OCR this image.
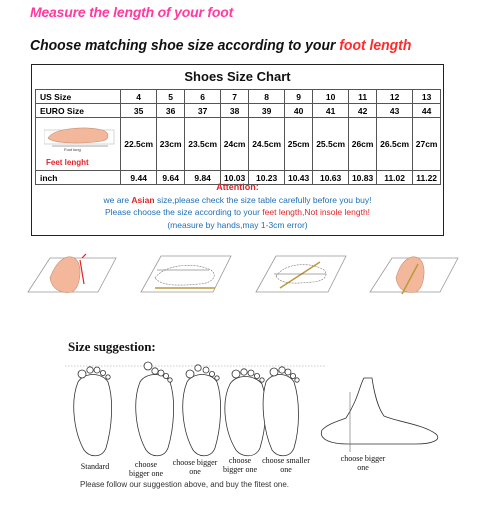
Measure the length of your foot
Choose matching shoe size according to your foot length
Shoes Size Chart
US Size	4	5	6	7	8	9	10	11	12	13
EURO Size	35	36	37	38	39	40	41	42	43	44

Foot long
Feet lenght	22.5cm	23cm	23.5cm	24cm	24.5cm	25cm	25.5cm	26cm	26.5cm	27cm
inch	9.44	9.64	9.84	10.03	10.23	10.43	10.63	10.83	11.02	11.22
Attention:
we are Asian size,please check the size table carefully before you buy!
Please choose the size according to your feet length,Not insole length!
(measure by hands,may 1-3cm error)
Size suggestion:
Standard	choose bigger one
choose bigger one
choose bigger one
choose smaller one
choose bigger one
Please follow our suggestion above, and buy the fitest one.
